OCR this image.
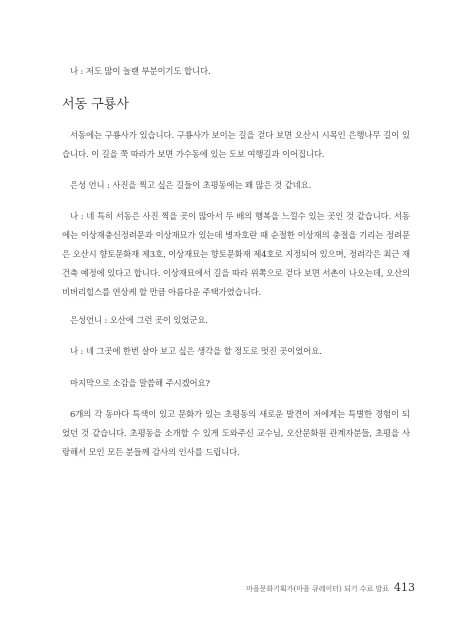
나 : 저도 많이 놀랜 부분이기도 합니다.

서동 구룡사

서동에는 구룡사가 있습니다. 구룡사가 보이는 길을 걷다 보면 오산시 시목인 은행나무 길이 있습니다. 이 길을 쭉 따라가 보면 가수동에 있는 도보 여행길과 이어집니다.

은성 언니 : 사진을 찍고 싶은 길들이 초평동에는 꽤 많은 것 같네요.

나 : 네 특히 서동은 사진 찍을 곳이 많아서 두 배의 행복을 느낄수 있는 곳인 것 같습니다. 서동에는 이상재충신정려문과 이상재묘가 있는데 병자호란 때 순절한 이상재의 충절을 기리는 정려문은 오산시 향토문화재 제3호, 이상재묘는 향토문화재 제4호로 지정되어 있으며, 정려각은 최근 재건축 예정에 있다고 합니다. 이상재묘에서 길을 따라 위쪽으로 걷다 보면 서촌이 나오는데, 오산의 비버리힐스를 연상케 할 만큼 아름다운 주택가였습니다.

은성언니 : 오산에 그런 곳이 있었군요.

나 : 네 그곳에 한번 살아 보고 싶은 생각을 할 정도로 멋진 곳이었어요.

마지막으로 소감을 말씀해 주시겠어요?

6개의 각 동마다 특색이 있고 문화가 있는 초평동의 새로운 발견이 저에게는 특별한 경험이 되었던 것 같습니다. 초평동을 소개할 수 있게 도와주신 교수님, 오산문화원 관계자분들, 초평을 사랑해서 모인 모든 분들께 감사의 인사를 드립니다.

마을문화기획가(마을 큐레이터) 되기 수료 발표 413
